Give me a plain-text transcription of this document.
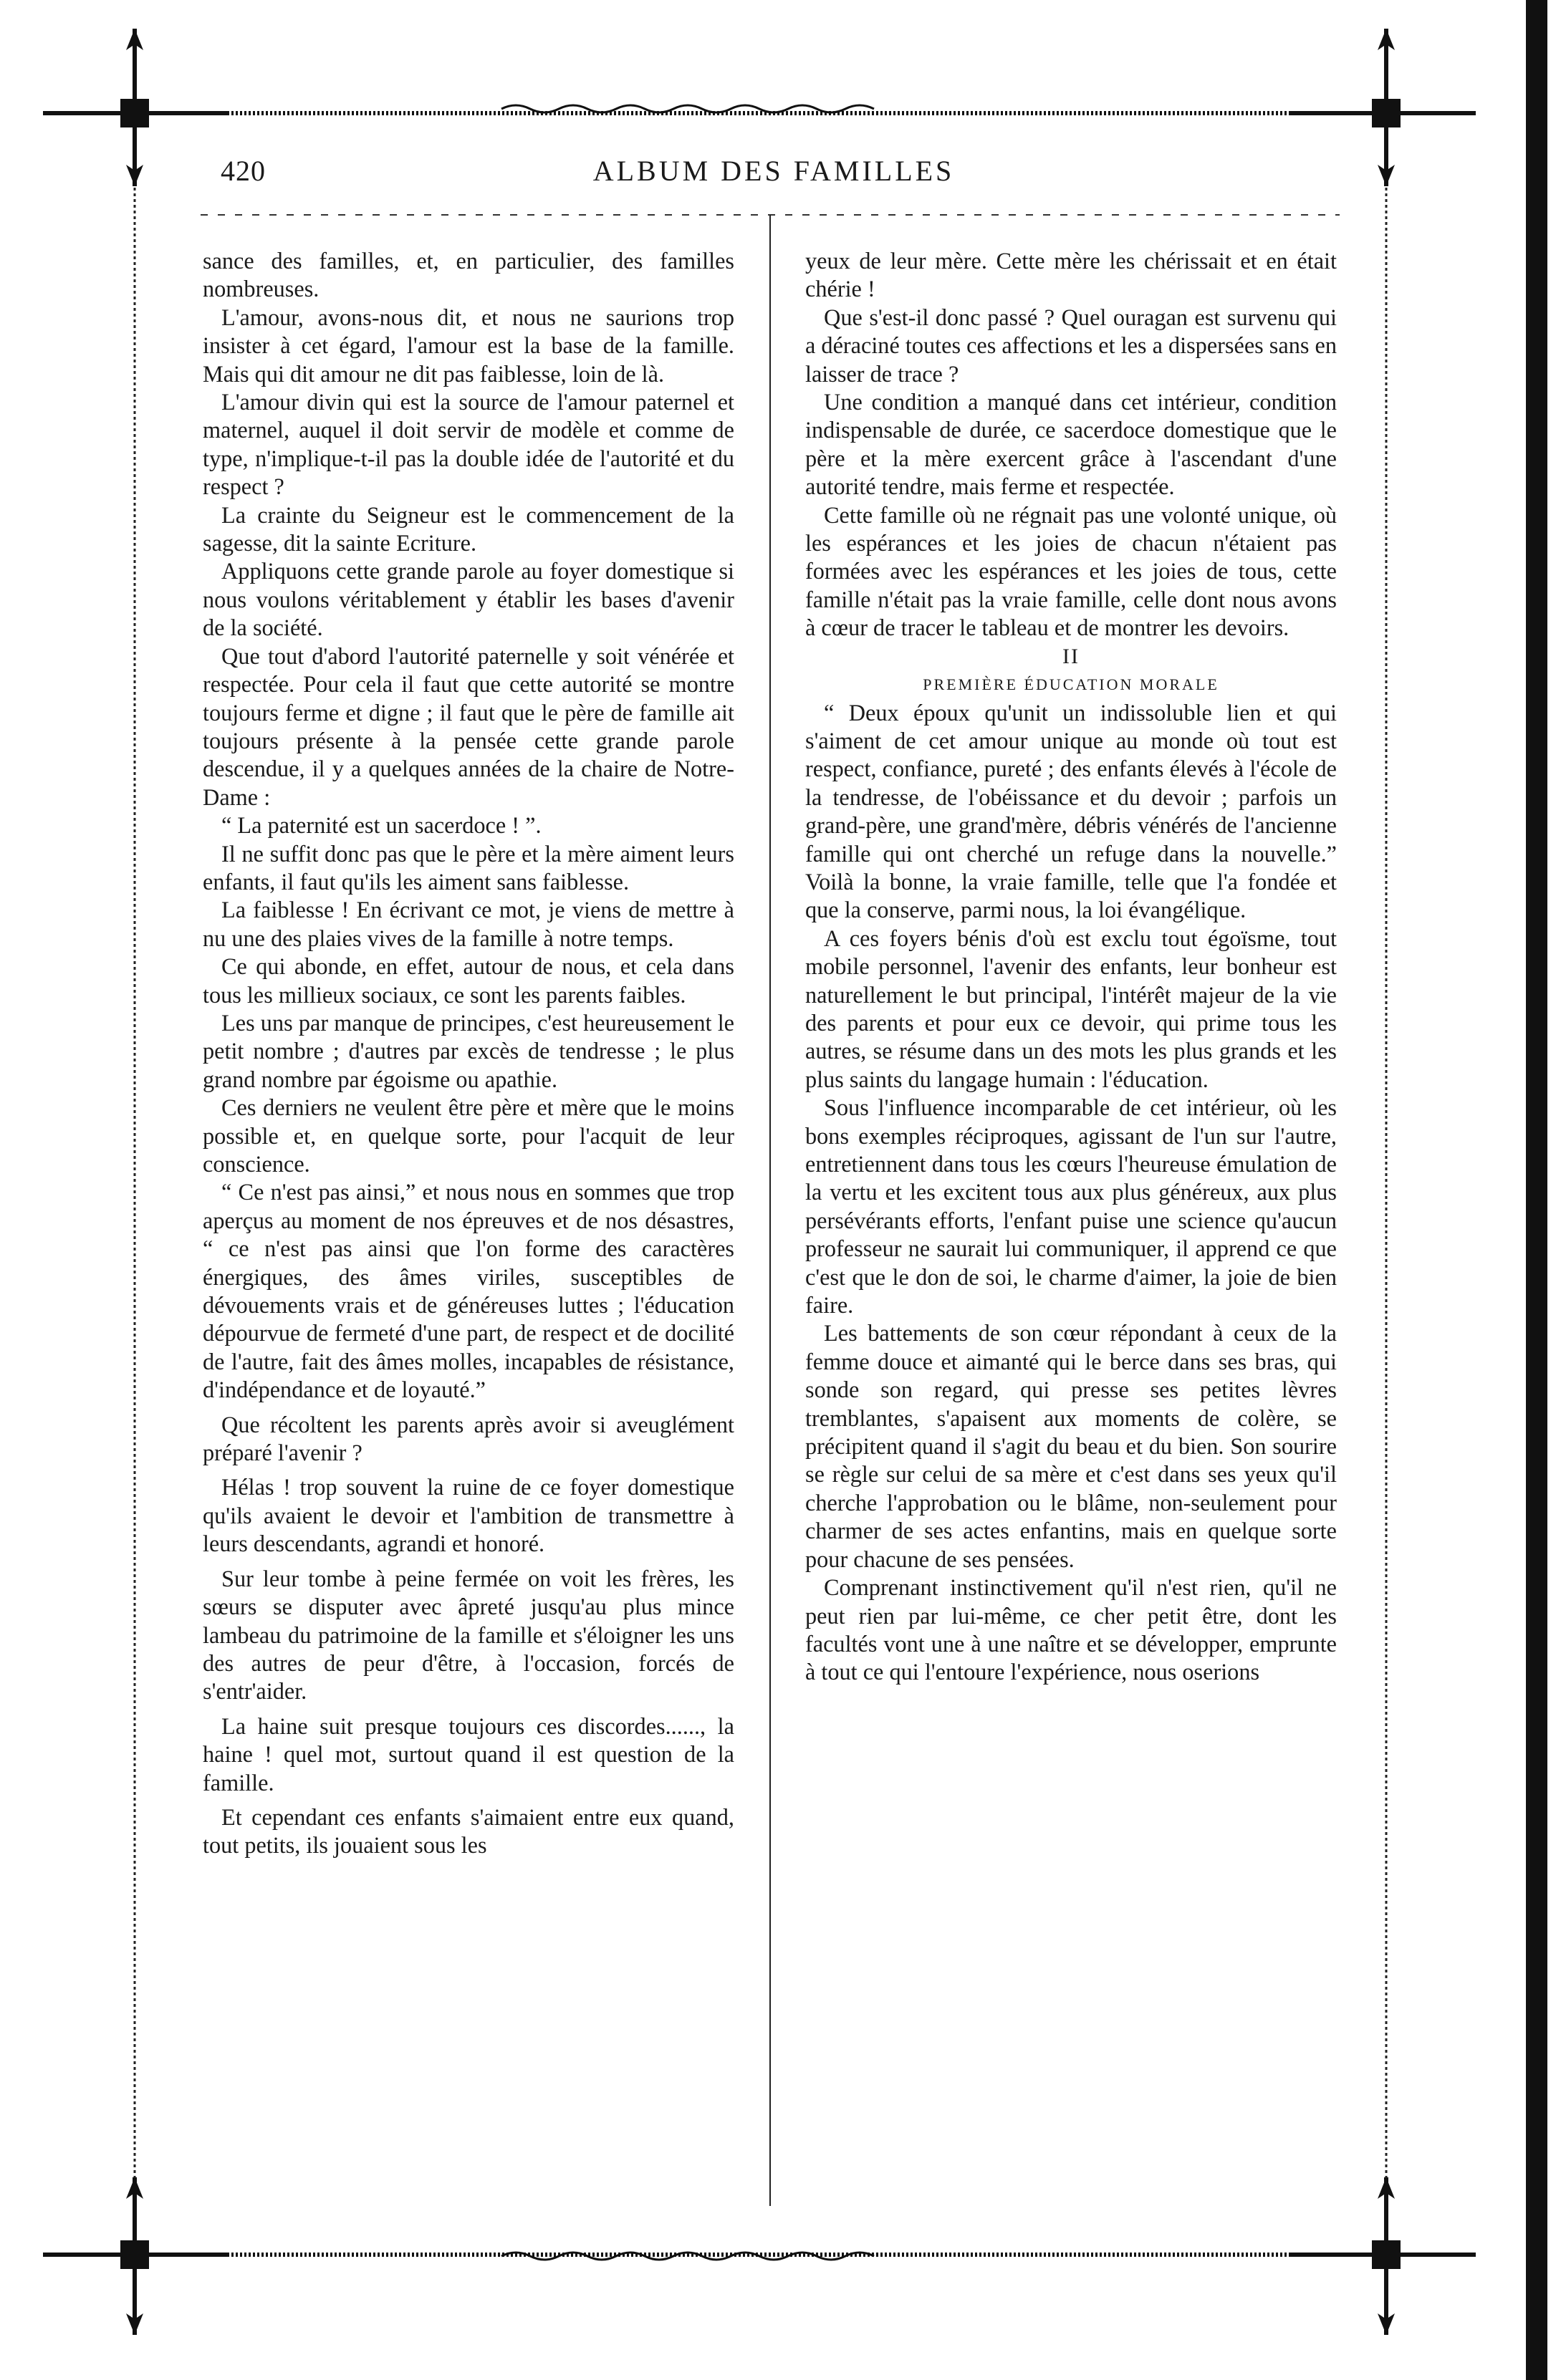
420	ALBUM DES FAMILLES

sance des familles, et, en particulier, des familles nombreuses.

L'amour, avons-nous dit, et nous ne saurions trop insister à cet égard, l'amour est la base de la famille. Mais qui dit amour ne dit pas faiblesse, loin de là.

L'amour divin qui est la source de l'amour paternel et maternel, auquel il doit servir de modèle et comme de type, n'implique-t-il pas la double idée de l'autorité et du respect ?

La crainte du Seigneur est le commencement de la sagesse, dit la sainte Ecriture.

Appliquons cette grande parole au foyer domestique si nous voulons véritablement y établir les bases d'avenir de la société.

Que tout d'abord l'autorité paternelle y soit vénérée et respectée. Pour cela il faut que cette autorité se montre toujours ferme et digne ; il faut que le père de famille ait toujours présente à la pensée cette grande parole descendue, il y a quelques années de la chaire de Notre-Dame :

“ La paternité est un sacerdoce ! ”.

Il ne suffit donc pas que le père et la mère aiment leurs enfants, il faut qu'ils les aiment sans faiblesse.

La faiblesse ! En écrivant ce mot, je viens de mettre à nu une des plaies vives de la famille à notre temps.

Ce qui abonde, en effet, autour de nous, et cela dans tous les millieux sociaux, ce sont les parents faibles.

Les uns par manque de principes, c'est heureusement le petit nombre ; d'autres par excès de tendresse ; le plus grand nombre par égoisme ou apathie.

Ces derniers ne veulent être père et mère que le moins possible et, en quelque sorte, pour l'acquit de leur conscience.

“ Ce n'est pas ainsi,” et nous nous en sommes que trop aperçus au moment de nos épreuves et de nos désastres, “ ce n'est pas ainsi que l'on forme des caractères énergiques, des âmes viriles, susceptibles de dévouements vrais et de généreuses luttes ; l'éducation dépourvue de fermeté d'une part, de respect et de docilité de l'autre, fait des âmes molles, incapables de résistance, d'indépendance et de loyauté.”

Que récoltent les parents après avoir si aveuglément préparé l'avenir ?

Hélas ! trop souvent la ruine de ce foyer domestique qu'ils avaient le devoir et l'ambition de transmettre à leurs descendants, agrandi et honoré.

Sur leur tombe à peine fermée on voit les frères, les sœurs se disputer avec âpreté jusqu'au plus mince lambeau du patrimoine de la famille et s'éloigner les uns des autres de peur d'être, à l'occasion, forcés de s'entr'aider.

La haine suit presque toujours ces discordes......, la haine ! quel mot, surtout quand il est question de la famille.

Et cependant ces enfants s'aimaient entre eux quand, tout petits, ils jouaient sous les

yeux de leur mère. Cette mère les chérissait et en était chérie !

Que s'est-il donc passé ? Quel ouragan est survenu qui a déraciné toutes ces affections et les a dispersées sans en laisser de trace ?

Une condition a manqué dans cet intérieur, condition indispensable de durée, ce sacerdoce domestique que le père et la mère exercent grâce à l'ascendant d'une autorité tendre, mais ferme et respectée.

Cette famille où ne régnait pas une volonté unique, où les espérances et les joies de chacun n'étaient pas formées avec les espérances et les joies de tous, cette famille n'était pas la vraie famille, celle dont nous avons à cœur de tracer le tableau et de montrer les devoirs.

II

PREMIÈRE ÉDUCATION MORALE

“ Deux époux qu'unit un indissoluble lien et qui s'aiment de cet amour unique au monde où tout est respect, confiance, pureté ; des enfants élevés à l'école de la tendresse, de l'obéissance et du devoir ; parfois un grand-père, une grand'mère, débris vénérés de l'ancienne famille qui ont cherché un refuge dans la nouvelle.” Voilà la bonne, la vraie famille, telle que l'a fondée et que la conserve, parmi nous, la loi évangélique.

A ces foyers bénis d'où est exclu tout égoïsme, tout mobile personnel, l'avenir des enfants, leur bonheur est naturellement le but principal, l'intérêt majeur de la vie des parents et pour eux ce devoir, qui prime tous les autres, se résume dans un des mots les plus grands et les plus saints du langage humain : l'éducation.

Sous l'influence incomparable de cet intérieur, où les bons exemples réciproques, agissant de l'un sur l'autre, entretiennent dans tous les cœurs l'heureuse émulation de la vertu et les excitent tous aux plus généreux, aux plus persévérants efforts, l'enfant puise une science qu'aucun professeur ne saurait lui communiquer, il apprend ce que c'est que le don de soi, le charme d'aimer, la joie de bien faire.

Les battements de son cœur répondant à ceux de la femme douce et aimanté qui le berce dans ses bras, qui sonde son regard, qui presse ses petites lèvres tremblantes, s'apaisent aux moments de colère, se précipitent quand il s'agit du beau et du bien. Son sourire se règle sur celui de sa mère et c'est dans ses yeux qu'il cherche l'approbation ou le blâme, non-seulement pour charmer de ses actes enfantins, mais en quelque sorte pour chacune de ses pensées.

Comprenant instinctivement qu'il n'est rien, qu'il ne peut rien par lui-même, ce cher petit être, dont les facultés vont une à une naître et se développer, emprunte à tout ce qui l'entoure l'expérience, nous oserions
